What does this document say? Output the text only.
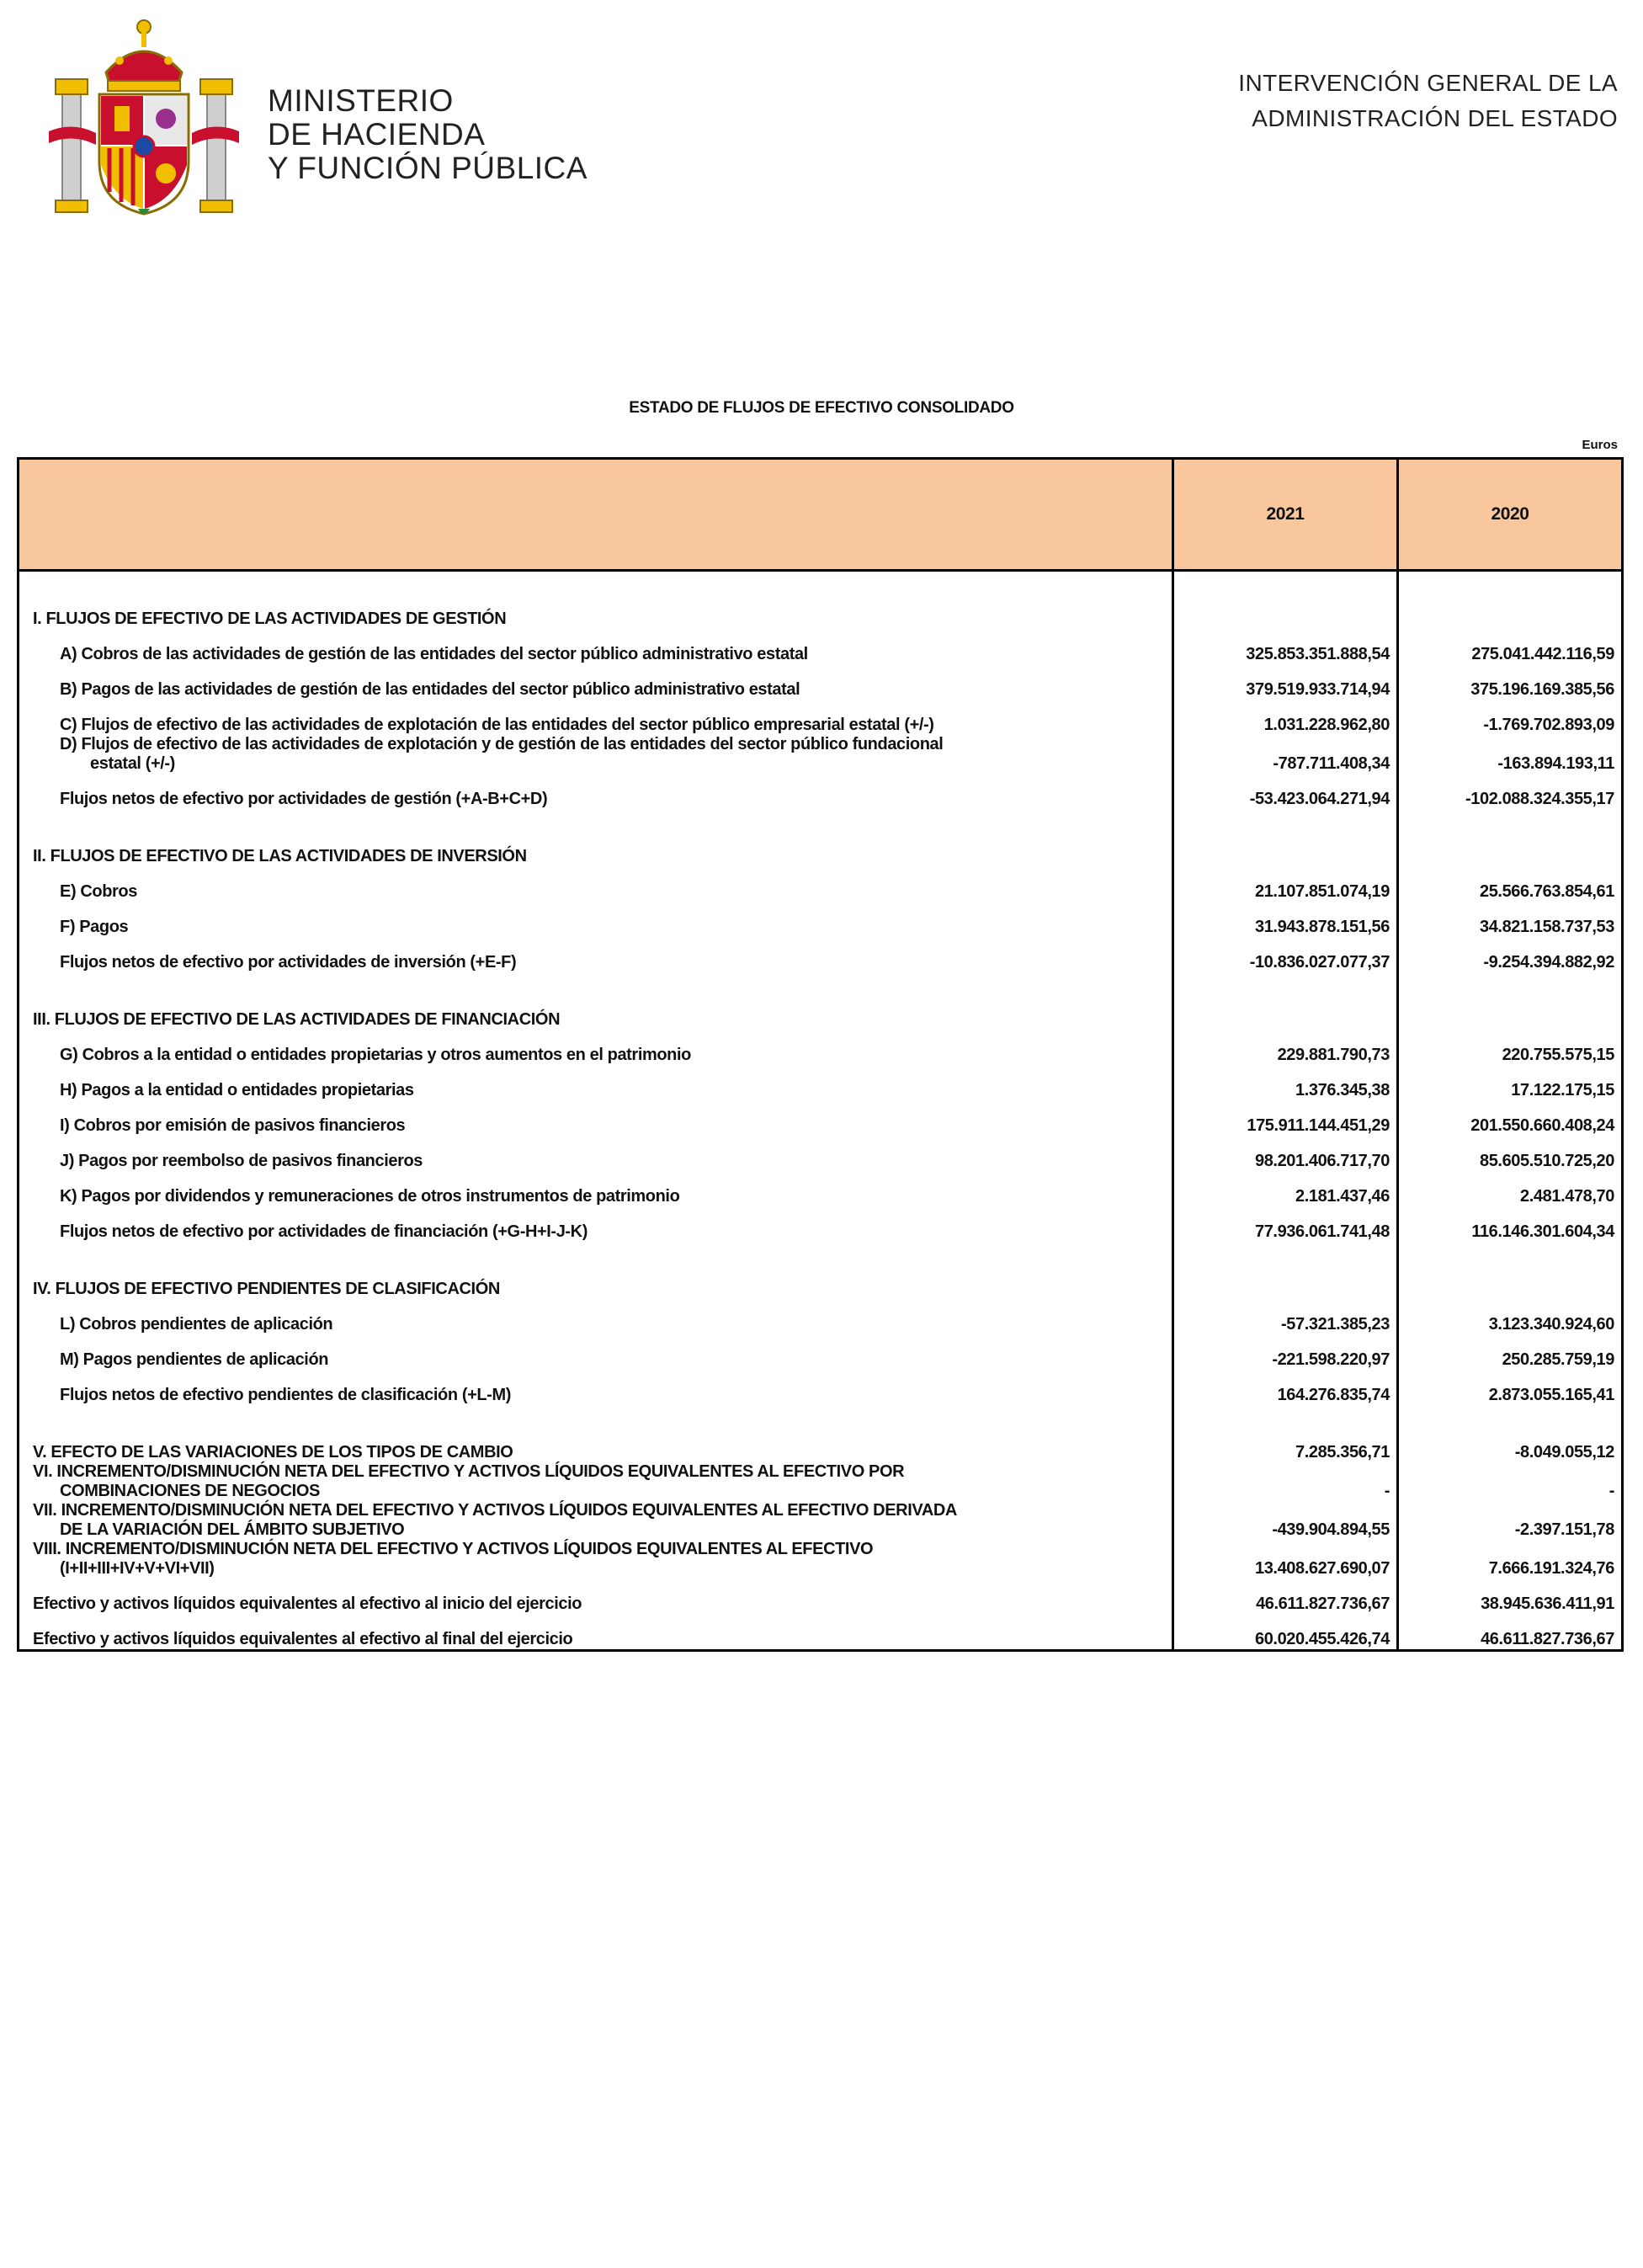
MINISTERIO
DE HACIENDA
Y FUNCIÓN PÚBLICA
INTERVENCIÓN GENERAL DE LA
ADMINISTRACIÓN DEL ESTADO
ESTADO DE FLUJOS DE EFECTIVO CONSOLIDADO
Euros
	2021	2020

I. FLUJOS DE EFECTIVO DE LAS ACTIVIDADES DE GESTIÓN		
A) Cobros de las actividades de gestión de las entidades del sector público administrativo estatal	325.853.351.888,54	275.041.442.116,59
B) Pagos de las actividades de gestión de las entidades del sector público administrativo estatal	379.519.933.714,94	375.196.169.385,56
C) Flujos de efectivo de las actividades de explotación de las entidades del sector público empresarial estatal (+/-)	1.031.228.962,80	-1.769.702.893,09
D) Flujos de efectivo de las actividades de explotación y de gestión de las entidades del sector público fundacional
estatal (+/-)	-787.711.408,34	-163.894.193,11
Flujos netos de efectivo por actividades de gestión (+A-B+C+D)	-53.423.064.271,94	-102.088.324.355,17

II. FLUJOS DE EFECTIVO DE LAS ACTIVIDADES DE INVERSIÓN		
E) Cobros	21.107.851.074,19	25.566.763.854,61
F) Pagos	31.943.878.151,56	34.821.158.737,53
Flujos netos de efectivo por actividades de inversión (+E-F)	-10.836.027.077,37	-9.254.394.882,92

III. FLUJOS DE EFECTIVO DE LAS ACTIVIDADES DE FINANCIACIÓN		
G) Cobros a la entidad o entidades propietarias y otros aumentos en el patrimonio	229.881.790,73	220.755.575,15
H) Pagos a la entidad o entidades propietarias	1.376.345,38	17.122.175,15
I) Cobros por emisión de pasivos financieros	175.911.144.451,29	201.550.660.408,24
J) Pagos por reembolso de pasivos financieros	98.201.406.717,70	85.605.510.725,20
K) Pagos por dividendos y remuneraciones de otros instrumentos de patrimonio	2.181.437,46	2.481.478,70
Flujos netos de efectivo por actividades de financiación (+G-H+I-J-K)	77.936.061.741,48	116.146.301.604,34

IV. FLUJOS DE EFECTIVO PENDIENTES DE CLASIFICACIÓN		
L) Cobros pendientes de aplicación	-57.321.385,23	3.123.340.924,60
M) Pagos pendientes de aplicación	-221.598.220,97	250.285.759,19
Flujos netos de efectivo pendientes de clasificación (+L-M)	164.276.835,74	2.873.055.165,41

V. EFECTO DE LAS VARIACIONES DE LOS TIPOS DE CAMBIO	7.285.356,71	-8.049.055,12
VI. INCREMENTO/DISMINUCIÓN NETA DEL EFECTIVO Y ACTIVOS LÍQUIDOS EQUIVALENTES AL EFECTIVO POR
COMBINACIONES DE NEGOCIOS	-	-
VII. INCREMENTO/DISMINUCIÓN NETA DEL EFECTIVO Y ACTIVOS LÍQUIDOS EQUIVALENTES AL EFECTIVO DERIVADA
DE LA VARIACIÓN DEL ÁMBITO SUBJETIVO	-439.904.894,55	-2.397.151,78
VIII. INCREMENTO/DISMINUCIÓN NETA DEL EFECTIVO Y ACTIVOS LÍQUIDOS EQUIVALENTES AL EFECTIVO
(I+II+III+IV+V+VI+VII)	13.408.627.690,07	7.666.191.324,76
Efectivo y activos líquidos equivalentes al efectivo al inicio del ejercicio	46.611.827.736,67	38.945.636.411,91
Efectivo y activos líquidos equivalentes al efectivo al final del ejercicio	60.020.455.426,74	46.611.827.736,67
